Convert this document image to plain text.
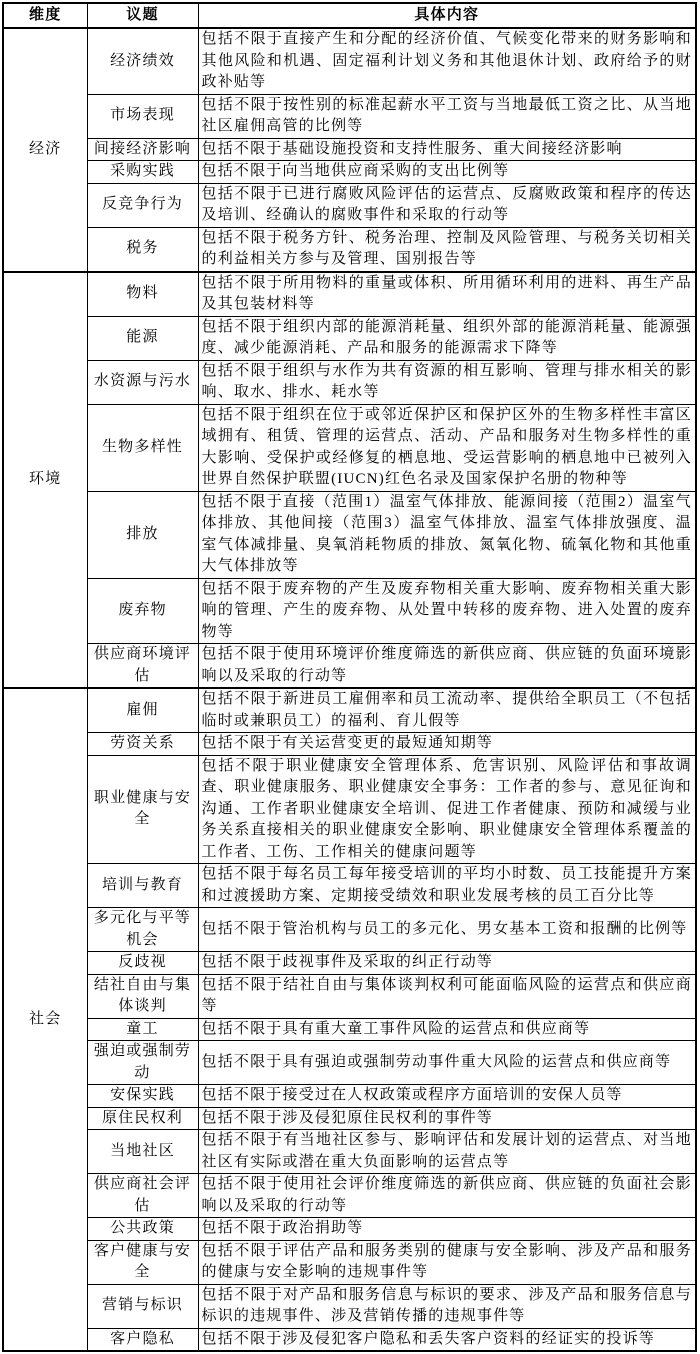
维度	议题	具体内容
经济	经济绩效	包括不限于直接产生和分配的经济价值、气候变化带来的财务影响和其他风险和机遇、固定福利计划义务和其他退休计划、政府给予的财政补贴等
	市场表现	包括不限于按性别的标准起薪水平工资与当地最低工资之比、从当地社区雇佣高管的比例等
	间接经济影响	包括不限于基础设施投资和支持性服务、重大间接经济影响
	采购实践	包括不限于向当地供应商采购的支出比例等
	反竞争行为	包括不限于已进行腐败风险评估的运营点、反腐败政策和程序的传达及培训、经确认的腐败事件和采取的行动等
	税务	包括不限于税务方针、税务治理、控制及风险管理、与税务关切相关的利益相关方参与及管理、国别报告等
环境	物料	包括不限于所用物料的重量或体积、所用循环利用的进料、再生产品及其包装材料等
	能源	包括不限于组织内部的能源消耗量、组织外部的能源消耗量、能源强度、减少能源消耗、产品和服务的能源需求下降等
	水资源与污水	包括不限于组织与水作为共有资源的相互影响、管理与排水相关的影响、取水、排水、耗水等
	生物多样性	包括不限于组织在位于或邻近保护区和保护区外的生物多样性丰富区域拥有、租赁、管理的运营点、活动、产品和服务对生物多样性的重大影响、受保护或经修复的栖息地、受运营影响的栖息地中已被列入世界自然保护联盟(IUCN)红色名录及国家保护名册的物种等
	排放	包括不限于直接（范围1）温室气体排放、能源间接（范围2）温室气体排放、其他间接（范围3）温室气体排放、温室气体排放强度、温室气体减排量、臭氧消耗物质的排放、氮氧化物、硫氧化物和其他重大气体排放等
	废弃物	包括不限于废弃物的产生及废弃物相关重大影响、废弃物相关重大影响的管理、产生的废弃物、从处置中转移的废弃物、进入处置的废弃物等
	供应商环境评估	包括不限于使用环境评价维度筛选的新供应商、供应链的负面环境影响以及采取的行动等
社会	雇佣	包括不限于新进员工雇佣率和员工流动率、提供给全职员工（不包括临时或兼职员工）的福利、育儿假等
	劳资关系	包括不限于有关运营变更的最短通知期等
	职业健康与安全	包括不限于职业健康安全管理体系、危害识别、风险评估和事故调查、职业健康服务、职业健康安全事务：工作者的参与、意见征询和沟通、工作者职业健康安全培训、促进工作者健康、预防和减缓与业务关系直接相关的职业健康安全影响、职业健康安全管理体系覆盖的工作者、工伤、工作相关的健康问题等
	培训与教育	包括不限于每名员工每年接受培训的平均小时数、员工技能提升方案和过渡援助方案、定期接受绩效和职业发展考核的员工百分比等
	多元化与平等机会	包括不限于管治机构与员工的多元化、男女基本工资和报酬的比例等
	反歧视	包括不限于歧视事件及采取的纠正行动等
	结社自由与集体谈判	包括不限于结社自由与集体谈判权利可能面临风险的运营点和供应商等
	童工	包括不限于具有重大童工事件风险的运营点和供应商等
	强迫或强制劳动	包括不限于具有强迫或强制劳动事件重大风险的运营点和供应商等
	安保实践	包括不限于接受过在人权政策或程序方面培训的安保人员等
	原住民权利	包括不限于涉及侵犯原住民权利的事件等
	当地社区	包括不限于有当地社区参与、影响评估和发展计划的运营点、对当地社区有实际或潜在重大负面影响的运营点等
	供应商社会评估	包括不限于使用社会评价维度筛选的新供应商、供应链的负面社会影响以及采取的行动等
	公共政策	包括不限于政治捐助等
	客户健康与安全	包括不限于评估产品和服务类别的健康与安全影响、涉及产品和服务的健康与安全影响的违规事件等
	营销与标识	包括不限于对产品和服务信息与标识的要求、涉及产品和服务信息与标识的违规事件、涉及营销传播的违规事件等
	客户隐私	包括不限于涉及侵犯客户隐私和丢失客户资料的经证实的投诉等
